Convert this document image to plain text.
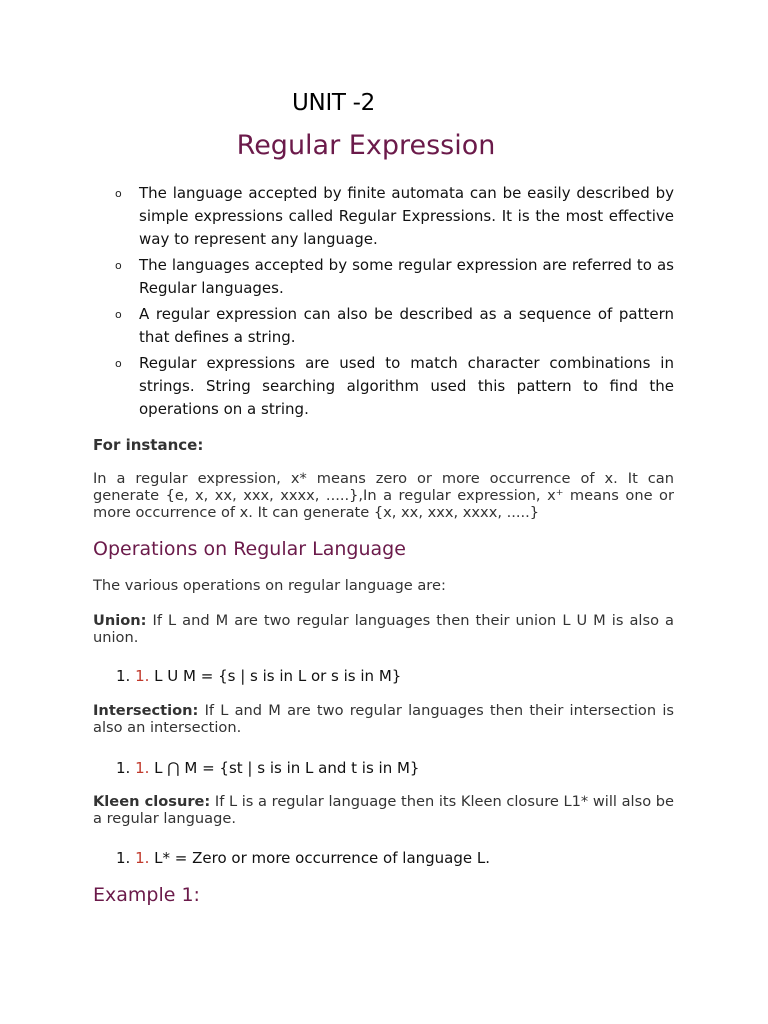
UNIT -2
Regular Expression
o The language accepted by finite automata can be easily described by simple expressions called Regular Expressions. It is the most effective way to represent any language.
o The languages accepted by some regular expression are referred to as Regular languages.
o A regular expression can also be described as a sequence of pattern that defines a string.
o Regular expressions are used to match character combinations in strings. String searching algorithm used this pattern to find the operations on a string.
For instance:
In a regular expression, x* means zero or more occurrence of x. It can generate {e, x, xx, xxx, xxxx, .....},In a regular expression, x⁺ means one or more occurrence of x. It can generate {x, xx, xxx, xxxx, .....}
Operations on Regular Language
The various operations on regular language are:
Union: If L and M are two regular languages then their union L U M is also a union.
1. 1. L U M = {s | s is in L or s is in M}
Intersection: If L and M are two regular languages then their intersection is also an intersection.
1. 1. L ⋂ M = {st | s is in L and t is in M}
Kleen closure: If L is a regular language then its Kleen closure L1* will also be a regular language.
1. 1. L* = Zero or more occurrence of language L.
Example 1:
